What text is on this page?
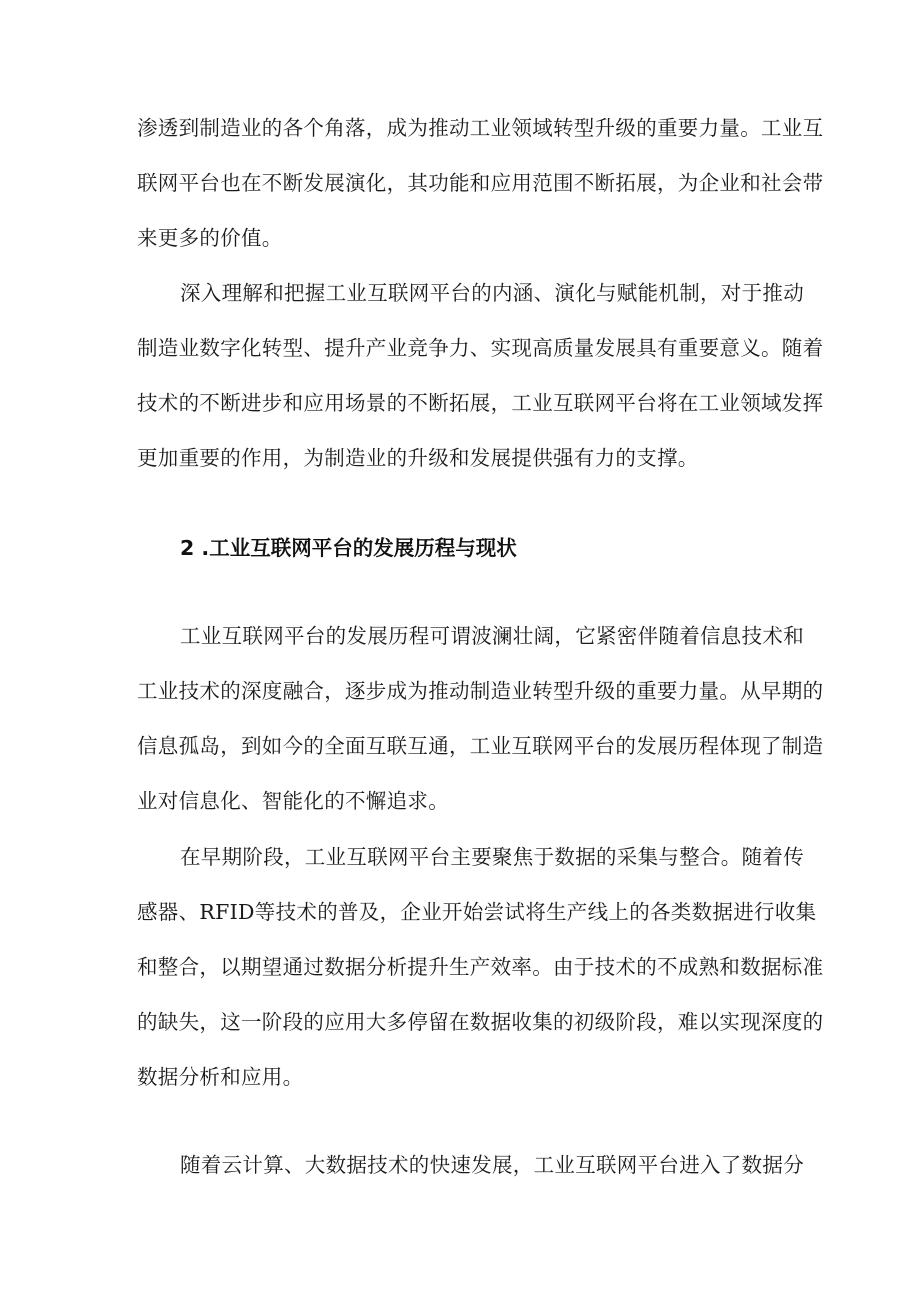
渗透到制造业的各个角落，成为推动工业领域转型升级的重要力量。工业互
联网平台也在不断发展演化，其功能和应用范围不断拓展，为企业和社会带
来更多的价值。
深入理解和把握工业互联网平台的内涵、演化与赋能机制，对于推动
制造业数字化转型、提升产业竞争力、实现高质量发展具有重要意义。随着
技术的不断进步和应用场景的不断拓展，工业互联网平台将在工业领域发挥
更加重要的作用，为制造业的升级和发展提供强有力的支撑。
2 .工业互联网平台的发展历程与现状
工业互联网平台的发展历程可谓波澜壮阔，它紧密伴随着信息技术和
工业技术的深度融合，逐步成为推动制造业转型升级的重要力量。从早期的
信息孤岛，到如今的全面互联互通，工业互联网平台的发展历程体现了制造
业对信息化、智能化的不懈追求。
在早期阶段，工业互联网平台主要聚焦于数据的采集与整合。随着传
感器、RFID等技术的普及，企业开始尝试将生产线上的各类数据进行收集
和整合，以期望通过数据分析提升生产效率。由于技术的不成熟和数据标准
的缺失，这一阶段的应用大多停留在数据收集的初级阶段，难以实现深度的
数据分析和应用。
随着云计算、大数据技术的快速发展，工业互联网平台进入了数据分
